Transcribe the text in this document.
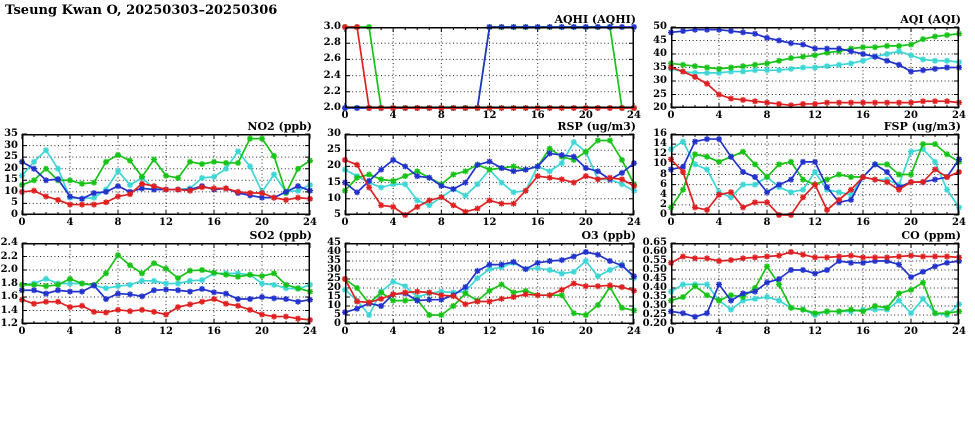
Tseung Kwan O, 20250303–20250306
AQHI (AQHI)
2.0
2.2
2.4
2.6
2.8
3.0
0	4	8	12	16	20	24
AQI (AQI)
20
25
30
35
40
45
50
0	4	8	12	16	20	24
NO2 (ppb)
0
5
10
15
20
25
30
35
0	4	8	12	16	20	24
RSP (ug/m3)
5
10
15
20
25
30
0	4	8	12	16	20	24
FSP (ug/m3)
0
2
4
6
8
10
12
14
16
0	4	8	12	16	20	24
SO2 (ppb)
1.2
1.4
1.6
1.8
2.0
2.2
2.4
0	4	8	12	16	20	24
O3 (ppb)
0
5
10
15
20
25
30
35
40
45
0	4	8	12	16	20	24
CO (ppm)
0.20
0.25
0.30
0.35
0.40
0.45
0.50
0.55
0.60
0.65
0	4	8	12	16	20	24
